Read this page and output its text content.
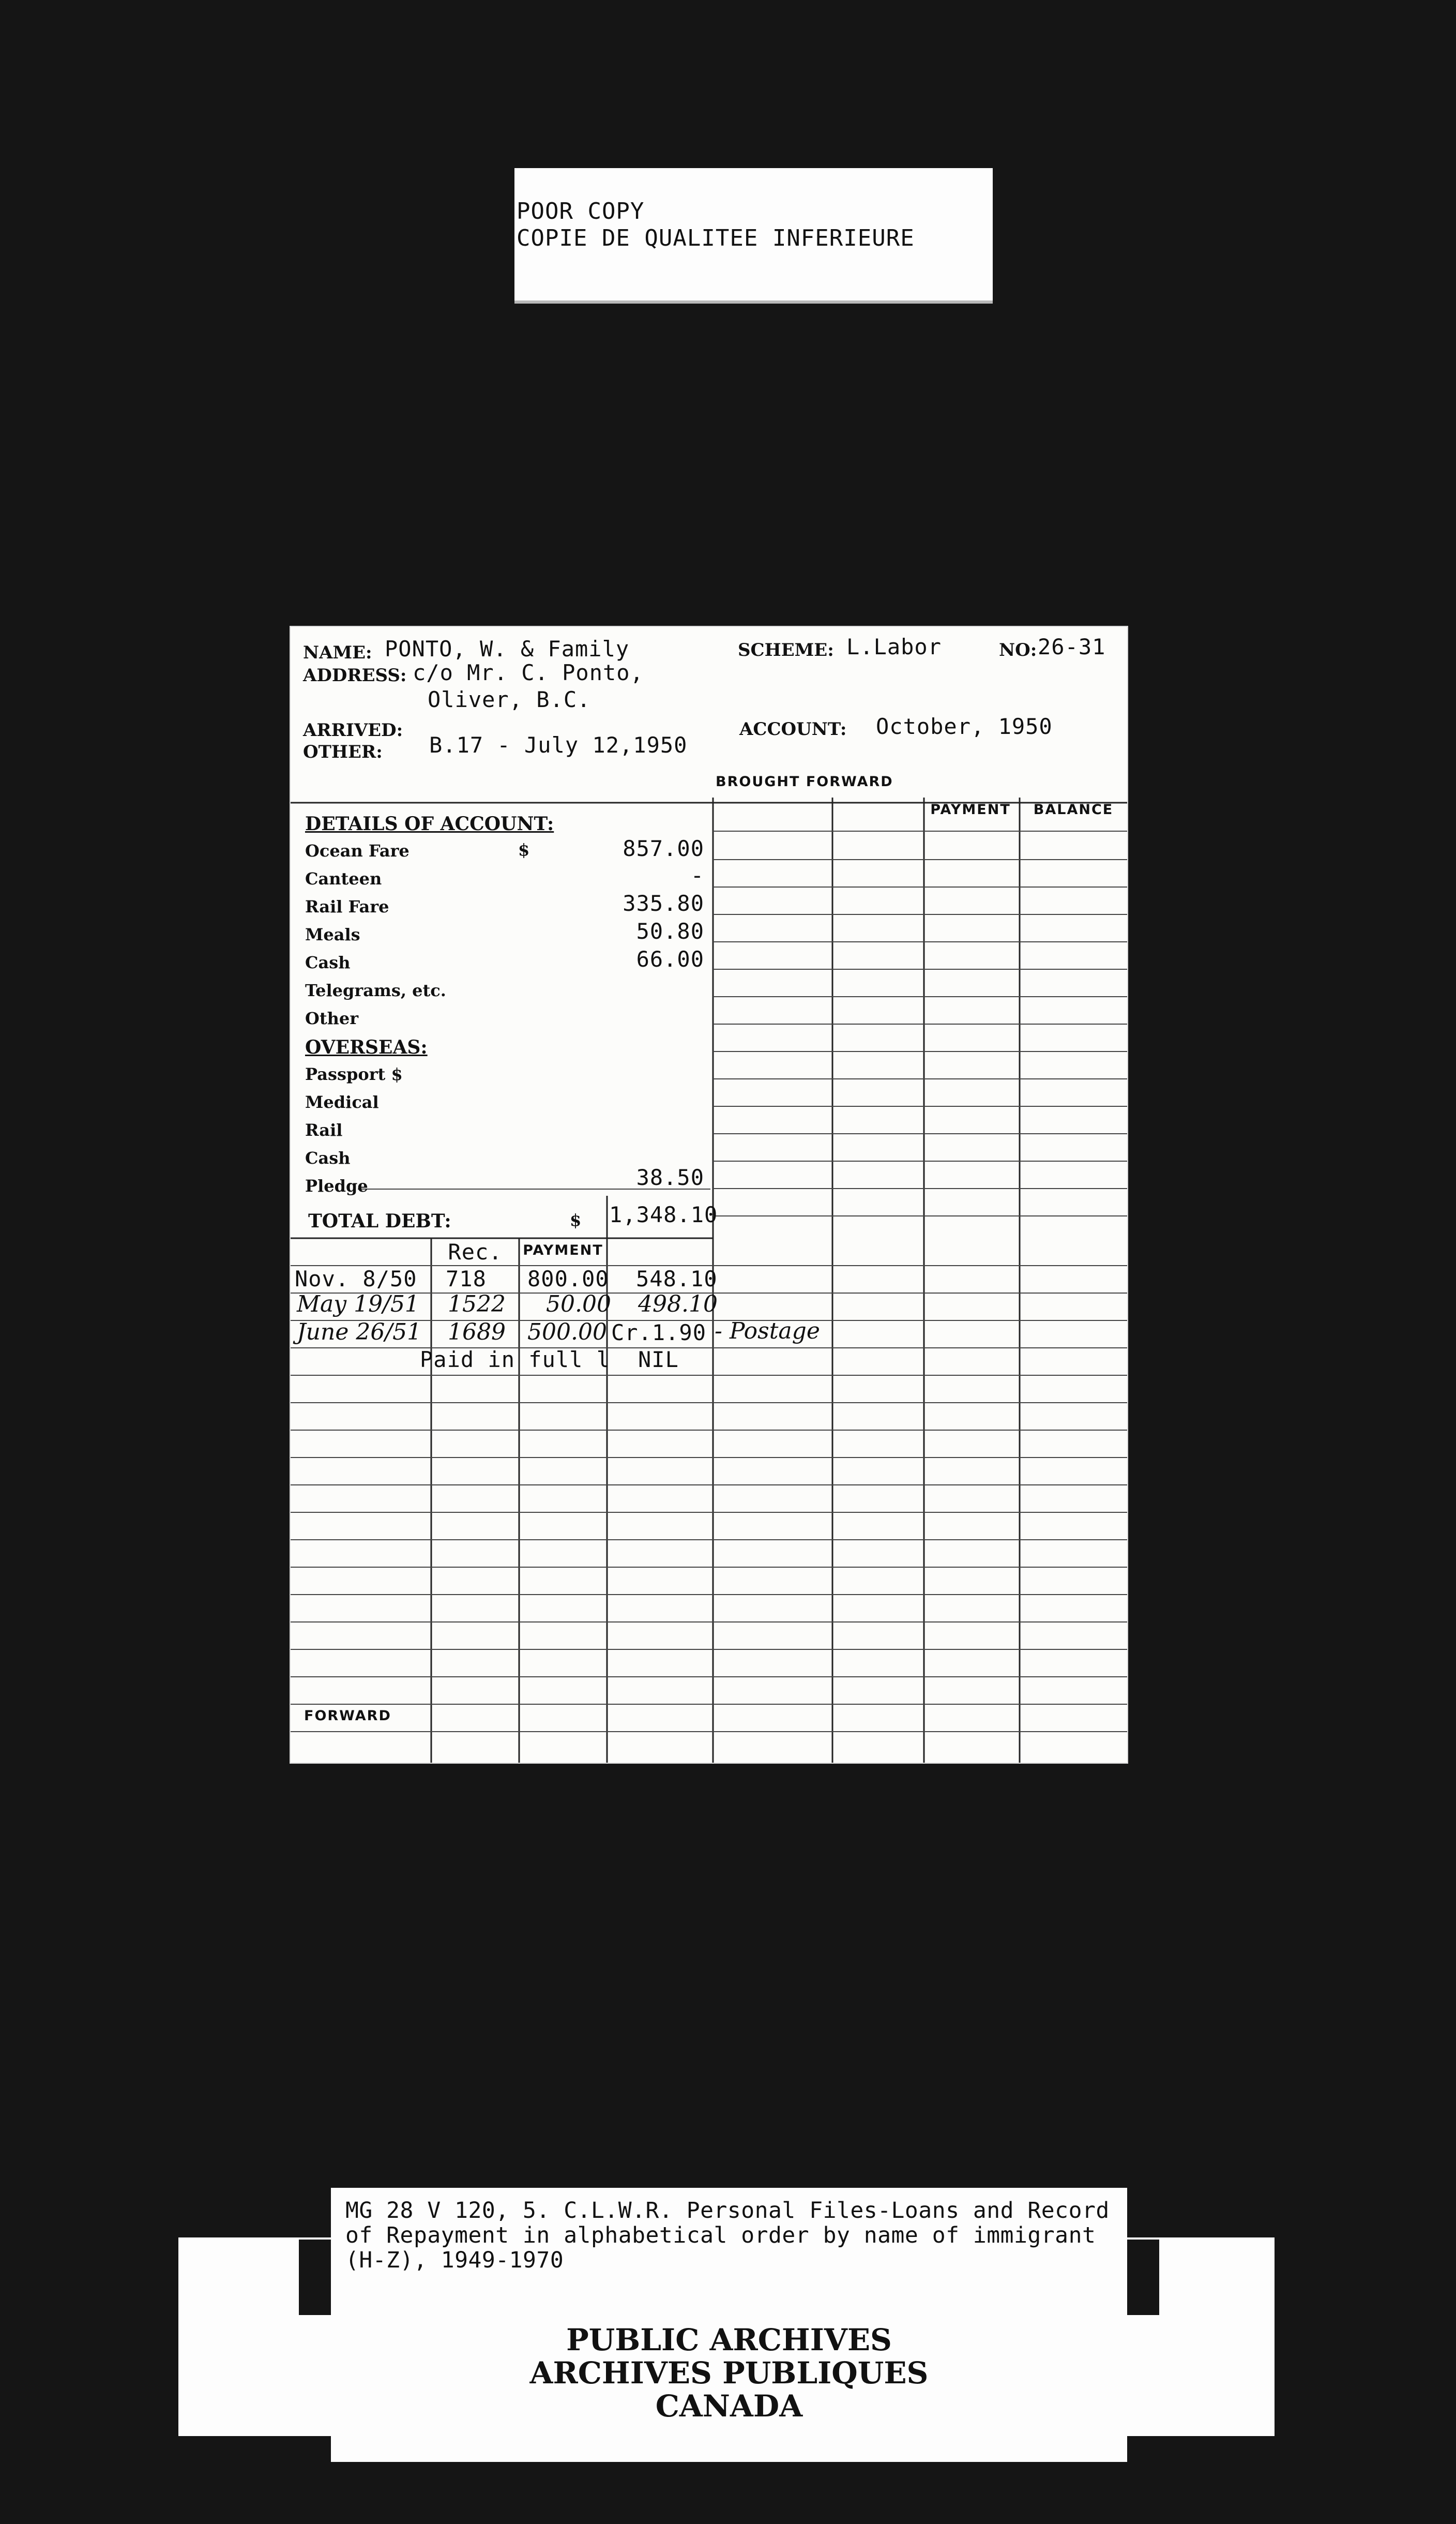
POOR COPY
COPIE DE QUALITEE INFERIEURE
NAME: PONTO, W. & Family	SCHEME: L.Labor	NO: 26-31
ADDRESS: c/o Mr. C. Ponto,
Oliver, B.C.
ARRIVED:
OTHER: B.17 - July 12,1950
ACCOUNT: October, 1950
BROUGHT FORWARD
PAYMENT	BALANCE
DETAILS OF ACCOUNT:
$
Ocean Fare	857.00
Canteen	-
Rail Fare	335.80
Meals	50.80
Cash	66.00
Telegrams, etc.
Other
OVERSEAS:
Passport $
Medical
Rail
Cash
Pledge	38.50
TOTAL DEBT:	$ 1,348.10
Rec.	PAYMENT
Nov. 8/50 718 800.00 548.10
May 19/51 1522 50.00 498.10
June 26/51 1689 500.00 Cr.1.90 - Postage
Paid in full l NIL
FORWARD
MG 28 V 120, 5. C.L.W.R. Personal Files-Loans and Record
of Repayment in alphabetical order by name of immigrant
(H-Z), 1949-1970
PUBLIC ARCHIVES
ARCHIVES PUBLIQUES
CANADA
